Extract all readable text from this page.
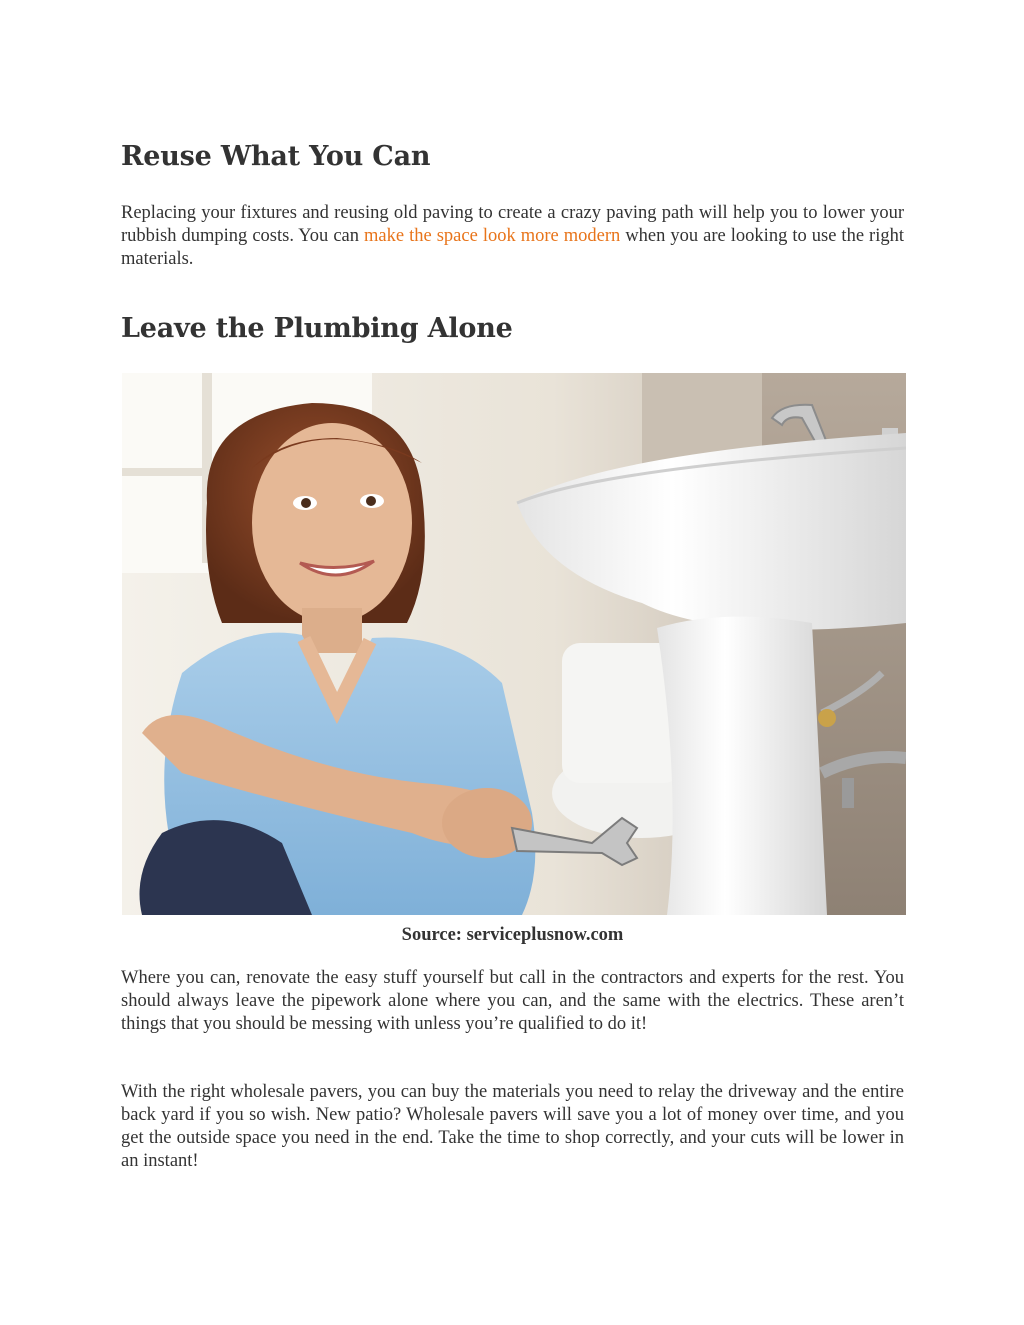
Reuse What You Can

Replacing your fixtures and reusing old paving to create a crazy paving path will help you to lower your rubbish dumping costs. You can make the space look more modern when you are looking to use the right materials.

Leave the Plumbing Alone
Source: serviceplusnow.com

Where you can, renovate the easy stuff yourself but call in the contractors and experts for the rest. You should always leave the pipework alone where you can, and the same with the electrics. These aren’t things that you should be messing with unless you’re qualified to do it!

With the right wholesale pavers, you can buy the materials you need to relay the driveway and the entire back yard if you so wish. New patio? Wholesale pavers will save you a lot of money over time, and you get the outside space you need in the end. Take the time to shop correctly, and your cuts will be lower in an instant!
